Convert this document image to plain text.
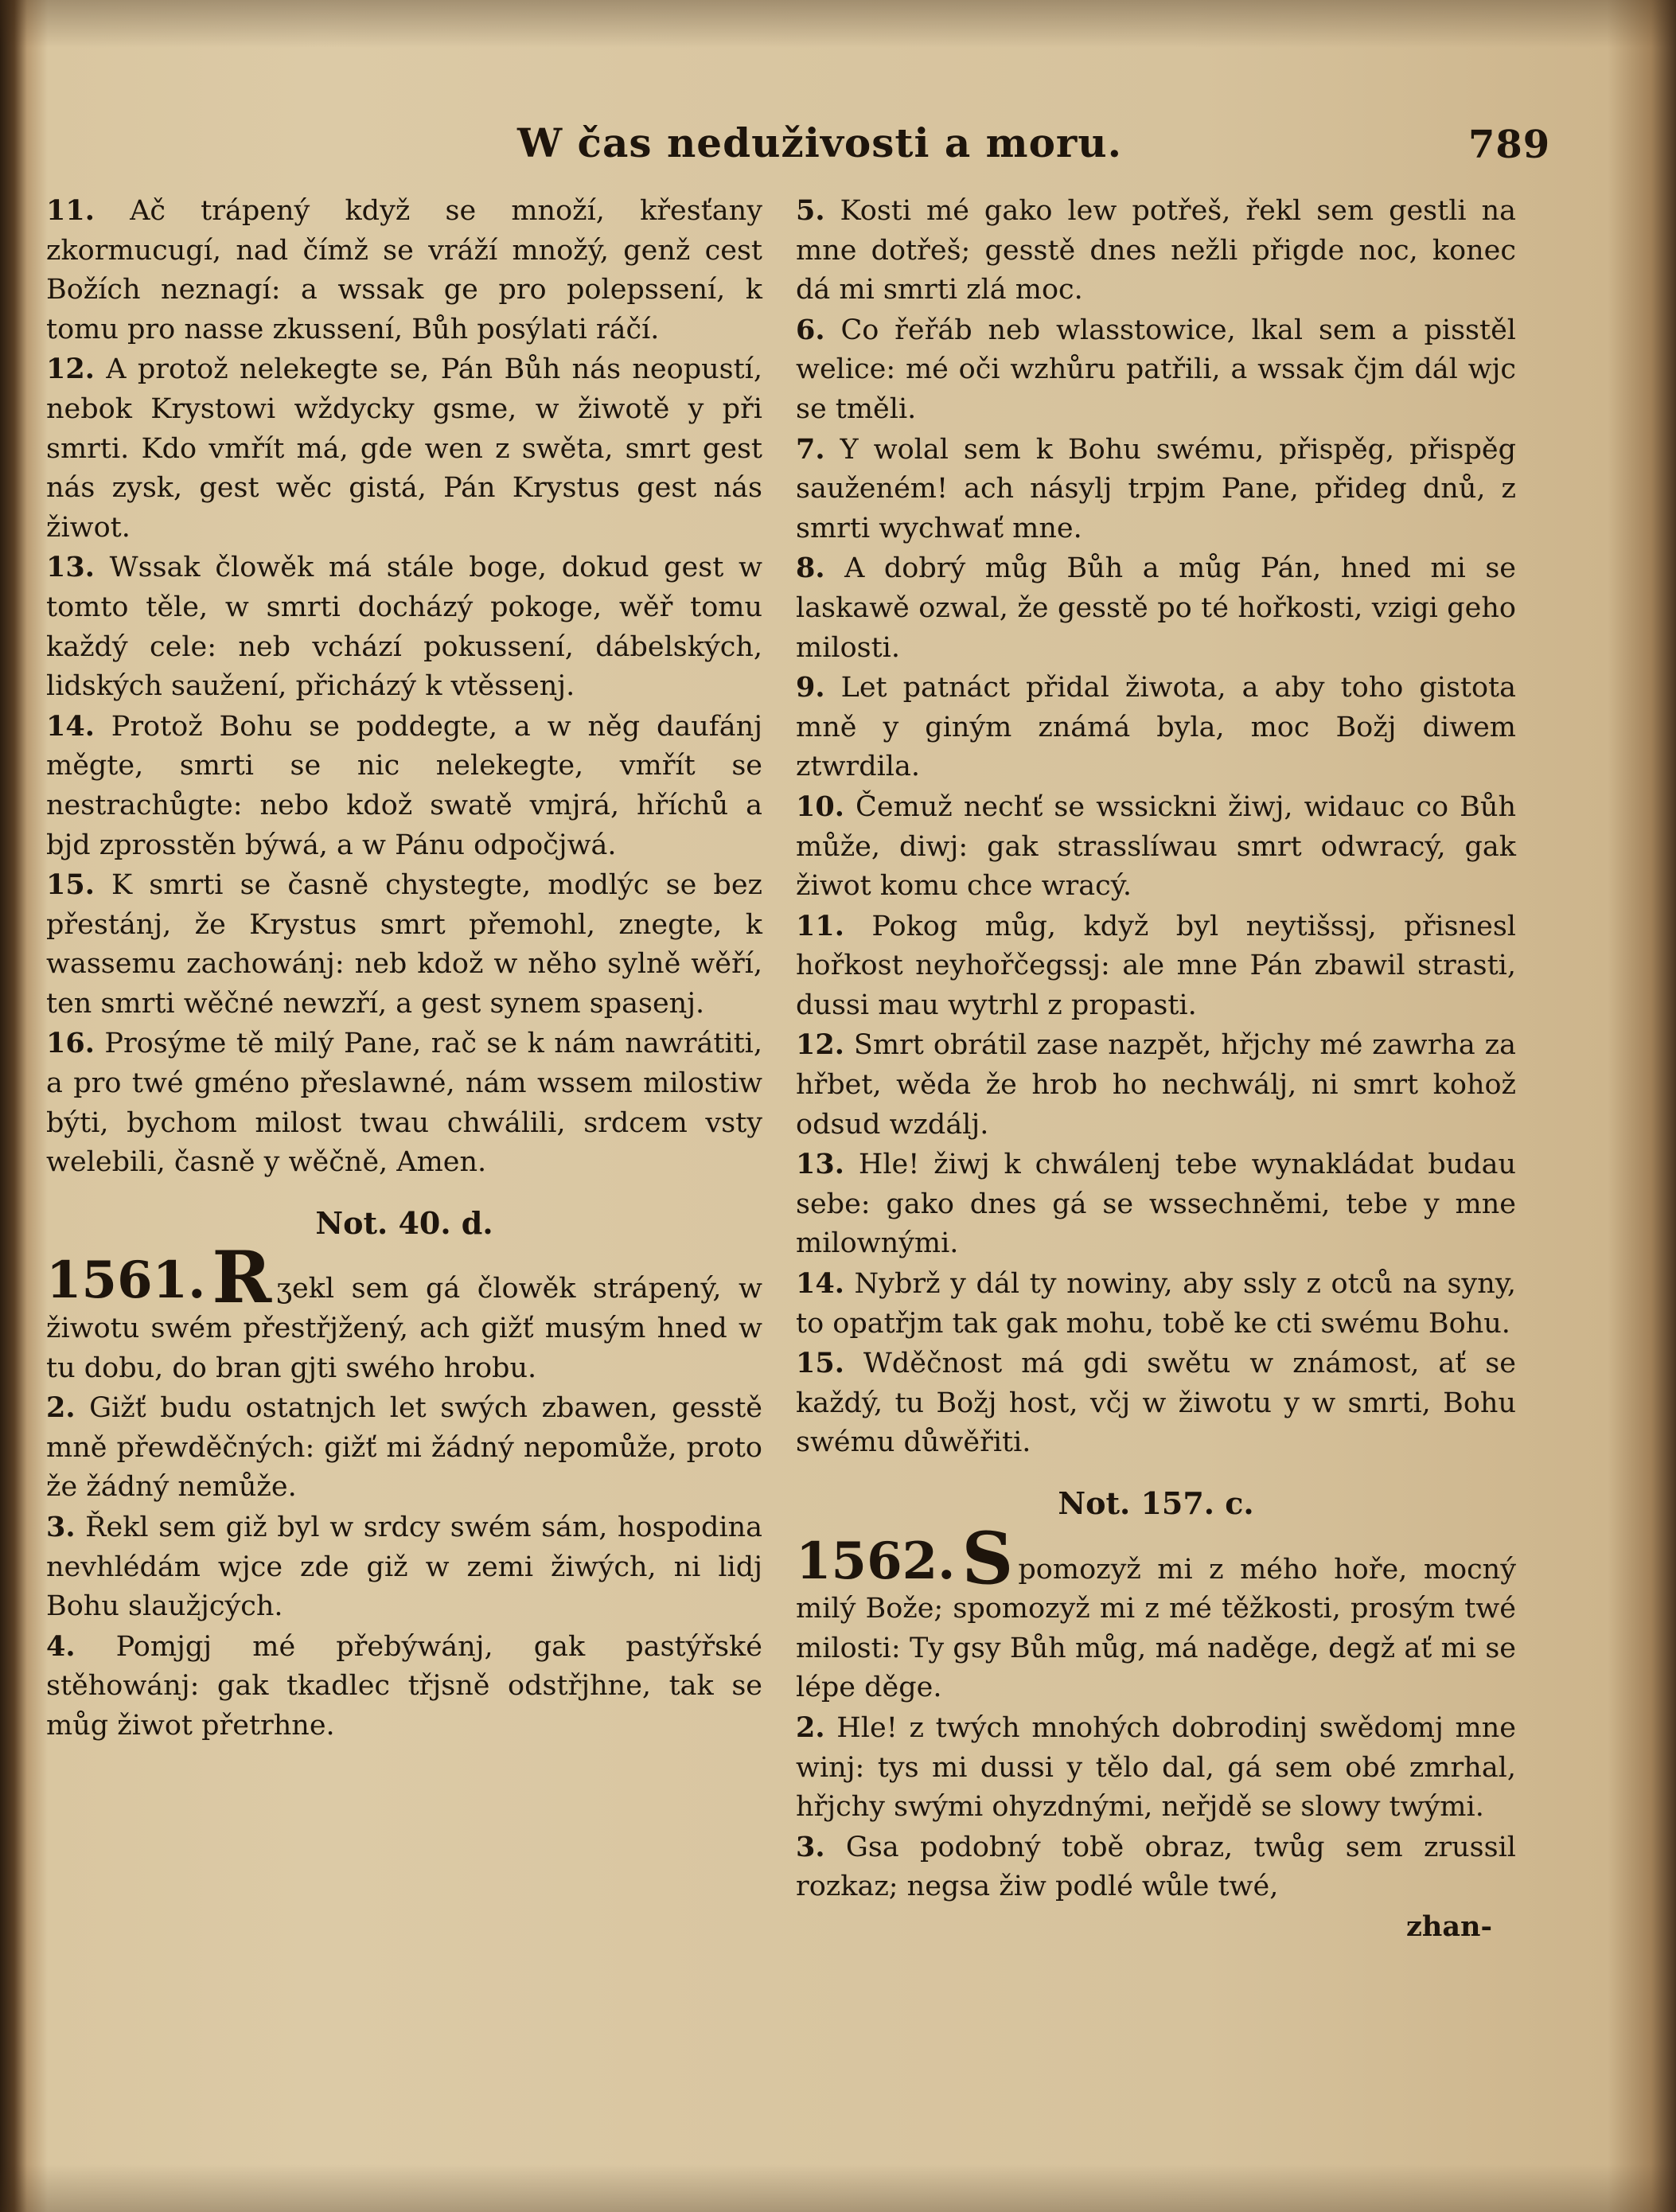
W čas neduživosti a moru.	789

11. Ač trápený když se množí, křesťany zkormucugí, nad čímž se vráží množý, genž cest Božích neznagí: a wssak ge pro polepssení, k tomu pro nasse zkussení, Bůh posýlati ráčí.

12. A protož nelekegte se, Pán Bůh nás neopustí, nebok Krystowi wždycky gsme, w žiwotě y při smrti. Kdo vmřít má, gde wen z swěta, smrt gest nás zysk, gest wěc gistá, Pán Krystus gest nás žiwot.

13. Wssak člowěk má stále boge, dokud gest w tomto těle, w smrti docházý pokoge, wěř tomu každý cele: neb vchází pokussení, dábelských, lidských saužení, přicházý k vtěssenj.

14. Protož Bohu se poddegte, a w něg daufánj měgte, smrti se nic nelekegte, vmřít se nestrachůgte: nebo kdož swatě vmjrá, hříchů a bjd zprosstěn býwá, a w Pánu odpočjwá.

15. K smrti se časně chystegte, modlýc se bez přestánj, že Krystus smrt přemohl, znegte, k wassemu zachowánj: neb kdož w něho sylně wěří, ten smrti wěčné newzří, a gest synem spasenj.

16. Prosýme tě milý Pane, rač se k nám nawrátiti, a pro twé gméno přeslawné, nám wssem milostiw býti, bychom milost twau chwálili, srdcem vsty welebili, časně y wěčně, Amen.

Not. 40. d.

1561.R ʒekl sem gá člowěk strápený, w žiwotu swém přestřjžený, ach gižť musým hned w tu dobu, do bran gjti swého hrobu.

2. Gižť budu ostatnjch let swých zbawen, gesstě mně přewděčných: gižť mi žádný nepomůže, proto že žádný nemůže.

3. Řekl sem giž byl w srdcy swém sám, hospodina nevhlédám wjce zde giž w zemi žiwých, ni lidj Bohu slaužjcých.

4. Pomjgj mé přebýwánj, gak pastýřské stěhowánj: gak tkadlec třjsně odstřjhne, tak se můg žiwot přetrhne.

5. Kosti mé gako lew potřeš, řekl sem gestli na mne dotřeš; gesstě dnes nežli přigde noc, konec dá mi smrti zlá moc.

6. Co řeřáb neb wlasstowice, lkal sem a pisstěl welice: mé oči wzhůru patřili, a wssak čjm dál wjc se tměli.

7. Y wolal sem k Bohu swému, přispěg, přispěg sauženém! ach násylj trpjm Pane, přideg dnů, z smrti wychwať mne.

8. A dobrý můg Bůh a můg Pán, hned mi se laskawě ozwal, že gesstě po té hořkosti, vzigi geho milosti.

9. Let patnáct přidal žiwota, a aby toho gistota mně y giným známá byla, moc Božj diwem ztwrdila.

10. Čemuž nechť se wssickni žiwj, widauc co Bůh může, diwj: gak strasslíwau smrt odwracý, gak žiwot komu chce wracý.

11. Pokog můg, když byl neytišssj, přisnesl hořkost neyhořčegssj: ale mne Pán zbawil strasti, dussi mau wytrhl z propasti.

12. Smrt obrátil zase nazpět, hřjchy mé zawrha za hřbet, wěda že hrob ho nechwálj, ni smrt kohož odsud wzdálj.

13. Hle! žiwj k chwálenj tebe wynakládat budau sebe: gako dnes gá se wssechněmi, tebe y mne milownými.

14. Nybrž y dál ty nowiny, aby ssly z otců na syny, to opatřjm tak gak mohu, tobě ke cti swému Bohu.

15. Wděčnost má gdi swětu w známost, ať se každý, tu Božj host, včj w žiwotu y w smrti, Bohu swému důwěřiti.

Not. 157. c.

1562.S pomozyž mi z mého hoře, mocný milý Bože; spomozyž mi z mé těžkosti, prosým twé milosti: Ty gsy Bůh můg, má naděge, degž ať mi se lépe děge.

2. Hle! z twých mnohých dobrodinj swědomj mne winj: tys mi dussi y tělo dal, gá sem obé zmrhal, hřjchy swými ohyzdnými, neřjdě se slowy twými.

3. Gsa podobný tobě obraz, twůg sem zrussil rozkaz; negsa žiw podlé wůle twé,

zhan-
